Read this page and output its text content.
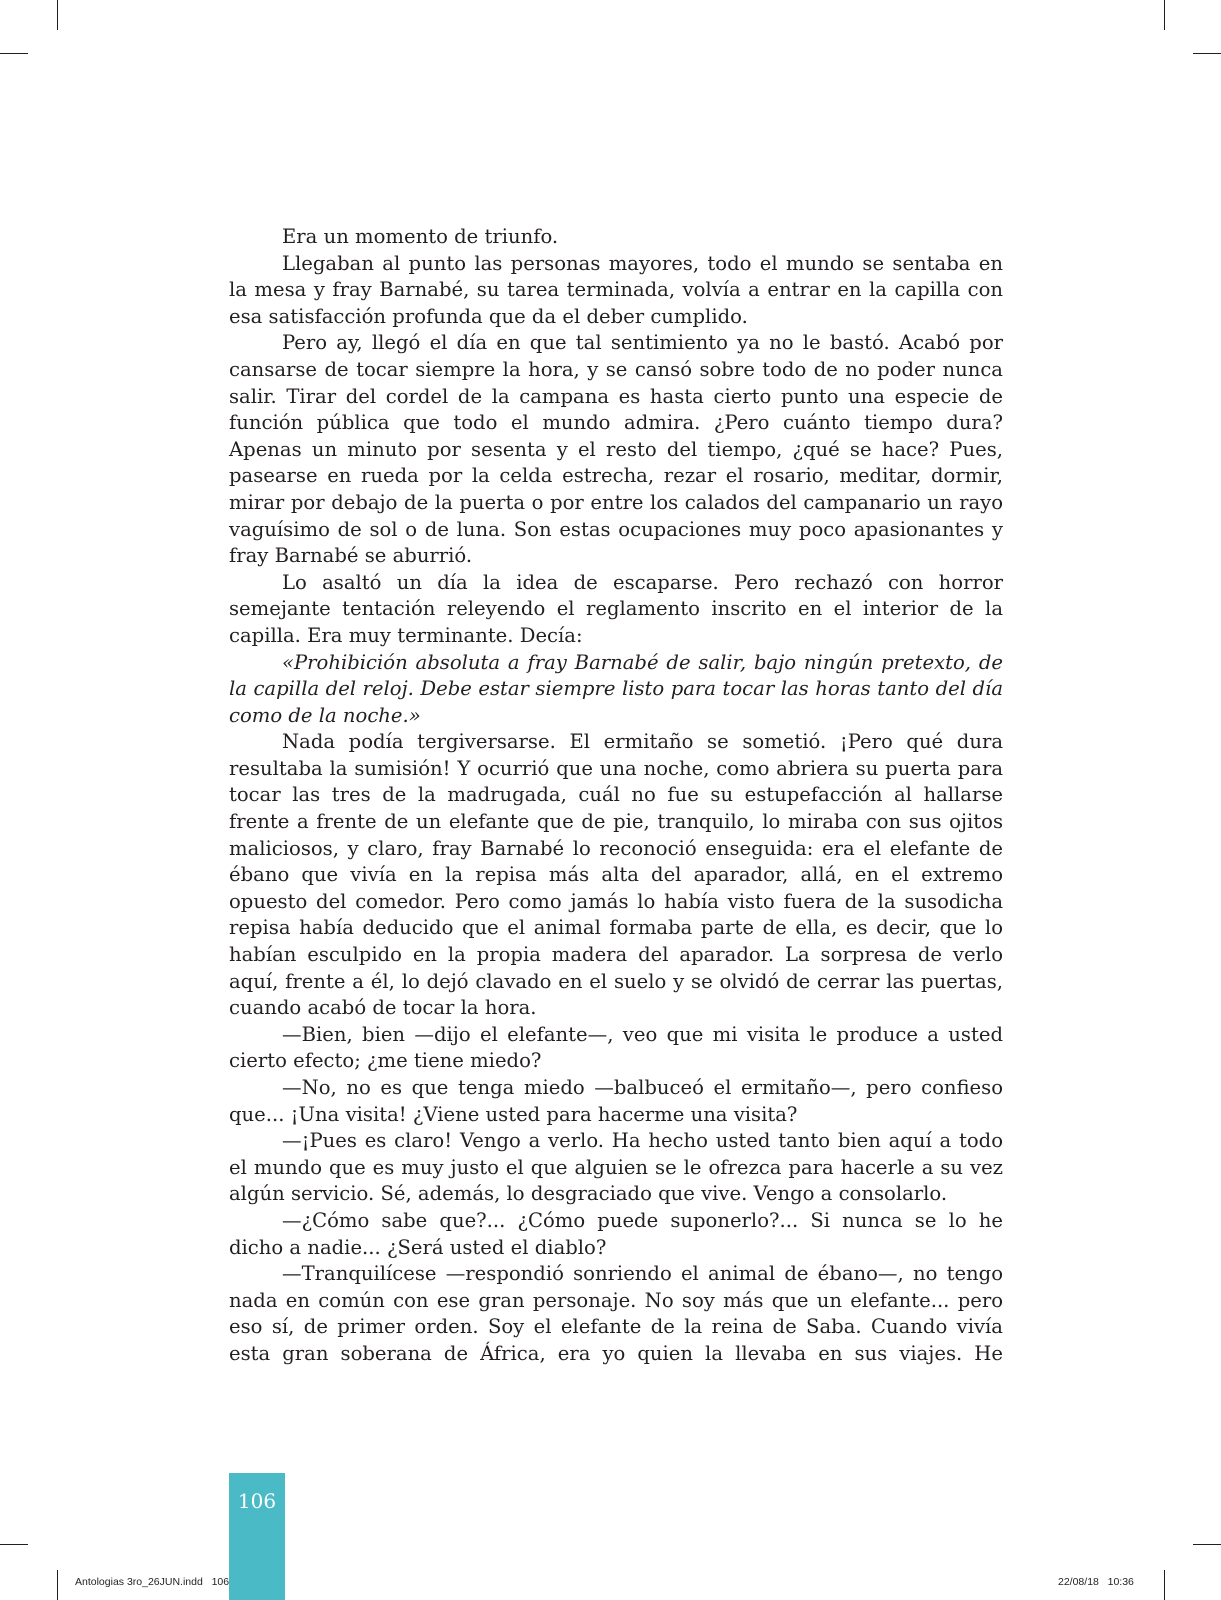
Era un momento de triunfo.

Llegaban al punto las personas mayores, todo el mundo se sentaba en la mesa y fray Barnabé, su tarea terminada, volvía a entrar en la capilla con esa satisfacción profunda que da el deber cumplido.

Pero ay, llegó el día en que tal sentimiento ya no le bastó. Acabó por cansarse de tocar siempre la hora, y se cansó sobre todo de no poder nunca salir. Tirar del cordel de la campana es hasta cierto punto una especie de función pública que todo el mundo admira. ¿Pero cuánto tiempo dura? Apenas un minuto por sesenta y el resto del tiempo, ¿qué se hace? Pues, pasearse en rueda por la celda estrecha, rezar el rosario, meditar, dormir, mirar por debajo de la puerta o por entre los calados del campanario un rayo vaguísimo de sol o de luna. Son estas ocupaciones muy poco apasionantes y fray Barnabé se aburrió.

Lo asaltó un día la idea de escaparse. Pero rechazó con horror semejante tentación releyendo el reglamento inscrito en el interior de la capilla. Era muy terminante. Decía:

«Prohibición absoluta a fray Barnabé de salir, bajo ningún pretexto, de la capilla del reloj. Debe estar siempre listo para tocar las horas tanto del día como de la noche.»

Nada podía tergiversarse. El ermitaño se sometió. ¡Pero qué dura resultaba la sumisión! Y ocurrió que una noche, como abriera su puerta para tocar las tres de la madrugada, cuál no fue su estupefacción al hallarse frente a frente de un elefante que de pie, tranquilo, lo miraba con sus ojitos maliciosos, y claro, fray Barnabé lo reconoció enseguida: era el elefante de ébano que vivía en la repisa más alta del aparador, allá, en el extremo opuesto del comedor. Pero como jamás lo había visto fuera de la susodicha repisa había deducido que el animal formaba parte de ella, es decir, que lo habían esculpido en la propia madera del aparador. La sorpresa de verlo aquí, frente a él, lo dejó clavado en el suelo y se olvidó de cerrar las puertas, cuando acabó de tocar la hora.

—Bien, bien —dijo el elefante—, veo que mi visita le produce a usted cierto efecto; ¿me tiene miedo?

—No, no es que tenga miedo —balbuceó el ermitaño—, pero confieso que... ¡Una visita! ¿Viene usted para hacerme una visita?

—¡Pues es claro! Vengo a verlo. Ha hecho usted tanto bien aquí a todo el mundo que es muy justo el que alguien se le ofrezca para hacerle a su vez algún servicio. Sé, además, lo desgraciado que vive. Vengo a consolarlo.

—¿Cómo sabe que?... ¿Cómo puede suponerlo?... Si nunca se lo he dicho a nadie... ¿Será usted el diablo?

—Tranquilícese —respondió sonriendo el animal de ébano—, no tengo nada en común con ese gran personaje. No soy más que un elefante... pero eso sí, de primer orden. Soy el elefante de la reina de Saba. Cuando vivía esta gran soberana de África, era yo quien la llevaba en sus viajes. He

106
Antologias 3ro_26JUN.indd   106	22/08/18   10:36
